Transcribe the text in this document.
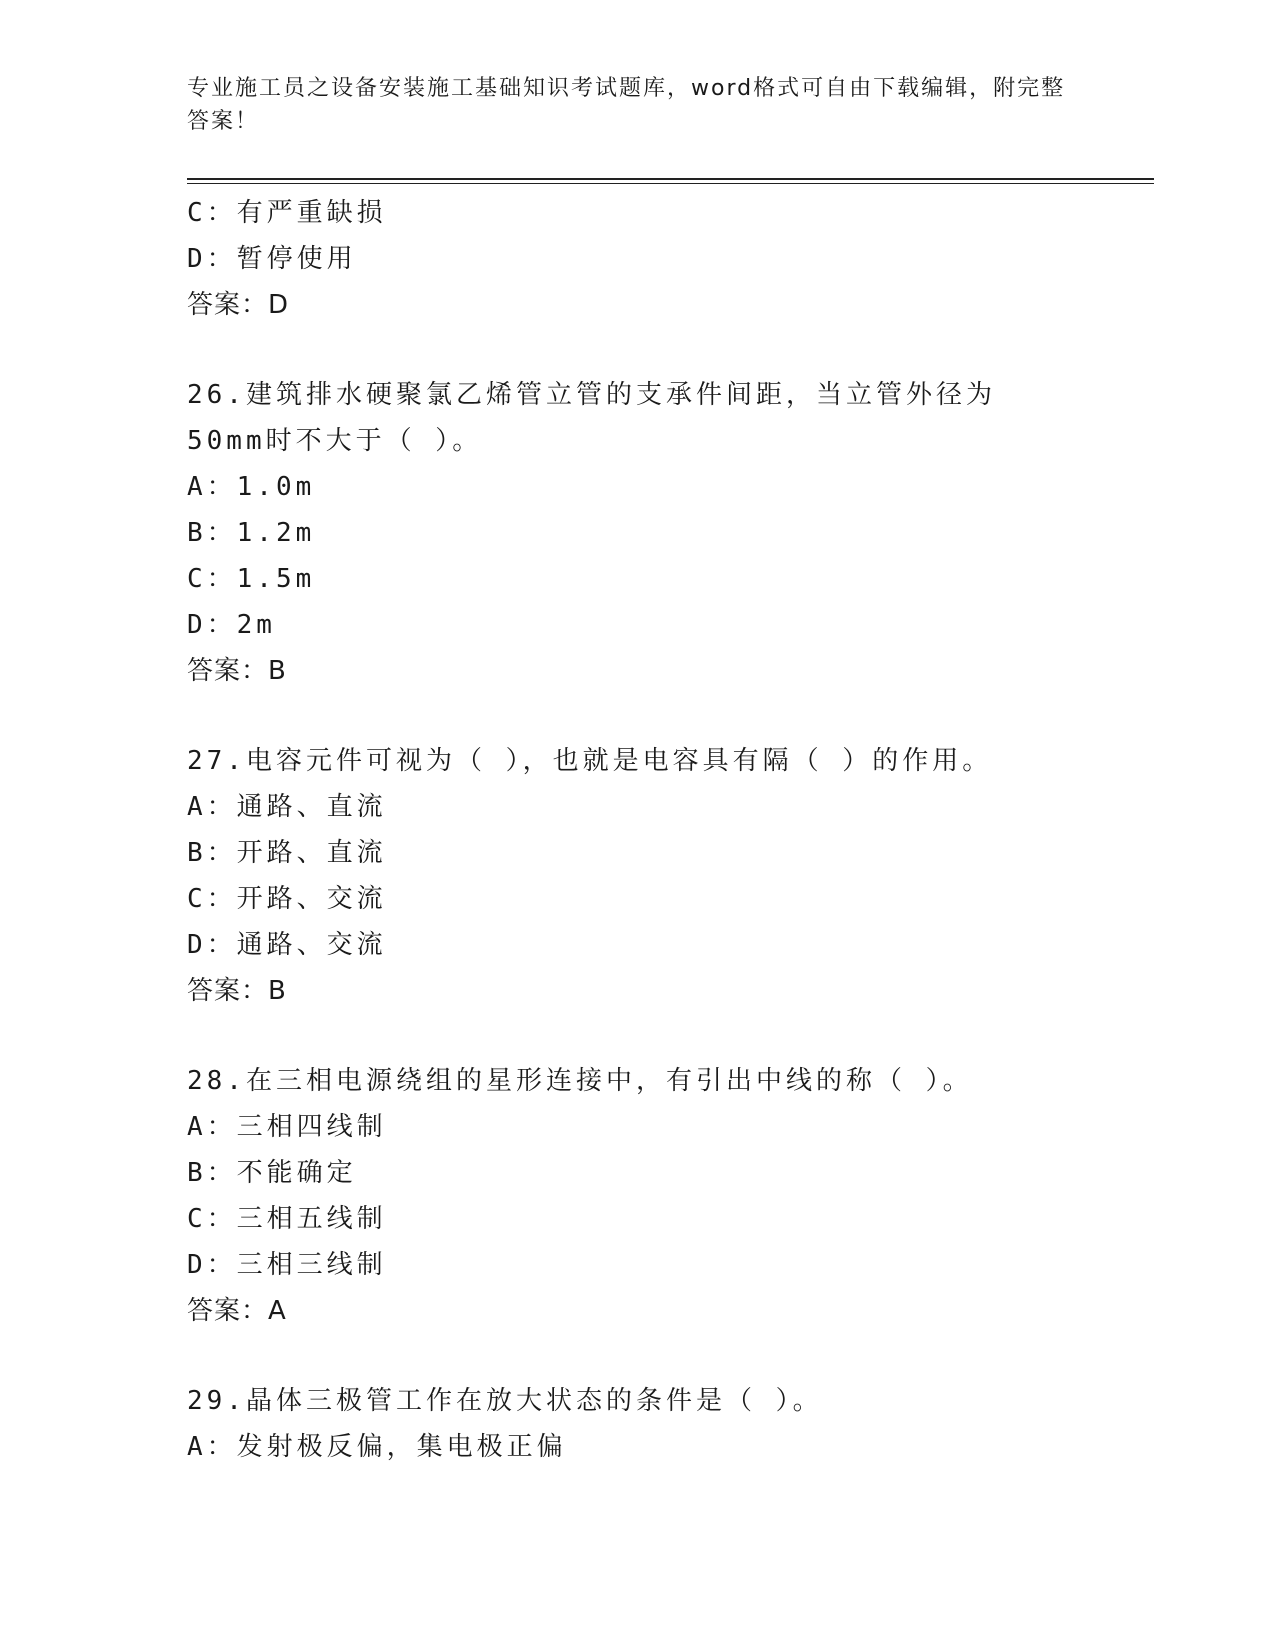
专业施工员之设备安装施工基础知识考试题库，word格式可自由下载编辑，附完整答案！
C：有严重缺损
D：暂停使用
答案：D
26.建筑排水硬聚氯乙烯管立管的支承件间距，当立管外径为50mm时不大于（ ）。
A：1.0m
B：1.2m
C：1.5m
D：2m
答案：B
27.电容元件可视为（ ），也就是电容具有隔（ ）的作用。
A：通路、直流
B：开路、直流
C：开路、交流
D：通路、交流
答案：B
28.在三相电源绕组的星形连接中，有引出中线的称（ ）。
A：三相四线制
B：不能确定
C：三相五线制
D：三相三线制
答案：A
29.晶体三极管工作在放大状态的条件是（ ）。
A：发射极反偏，集电极正偏
